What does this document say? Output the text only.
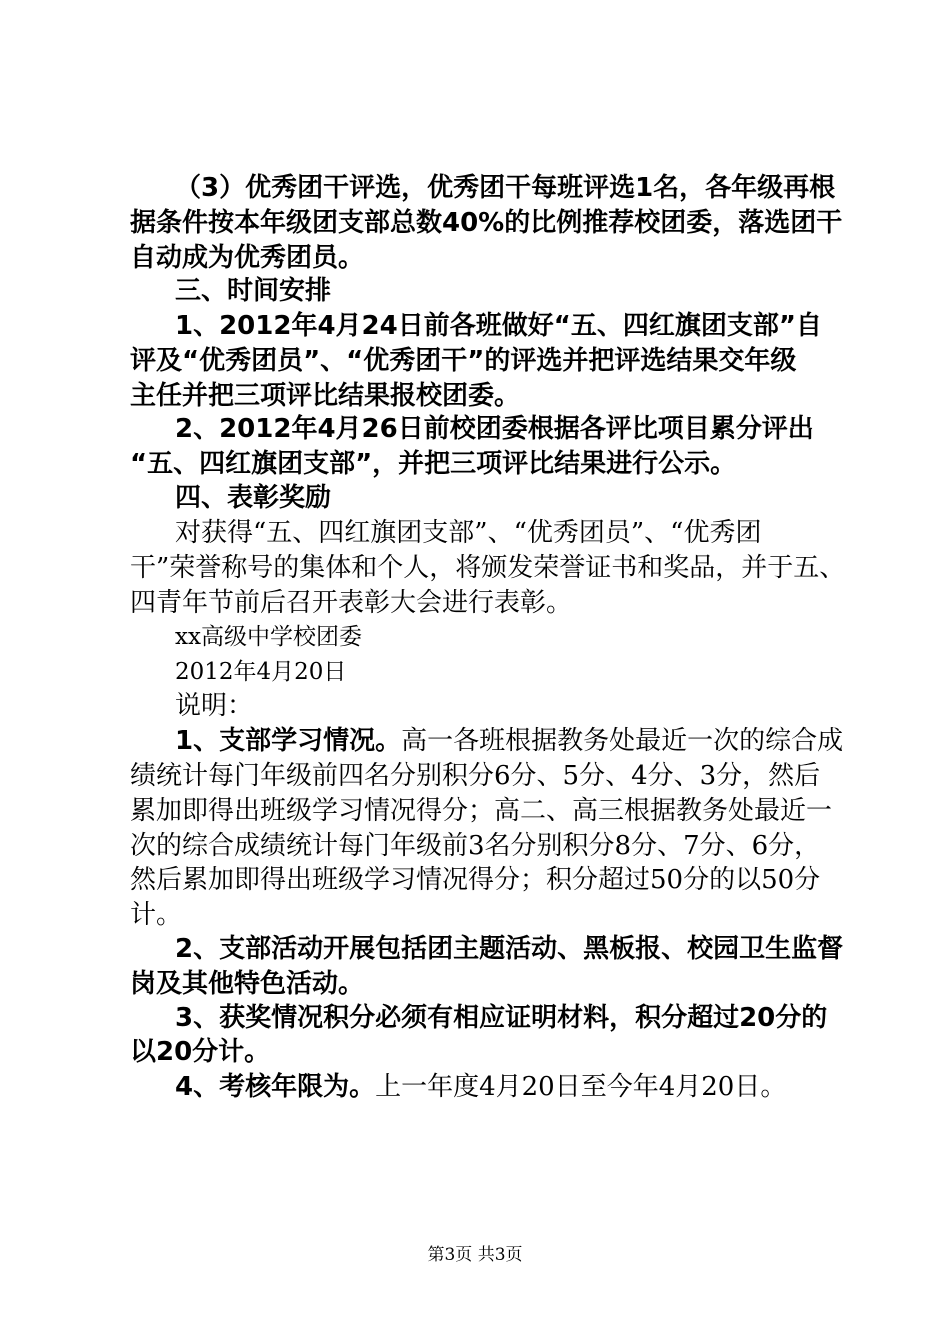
（3）优秀团干评选，优秀团干每班评选1名，各年级再根
据条件按本年级团支部总数40%的比例推荐校团委，落选团干
自动成为优秀团员。
三、时间安排
1、2012年4月24日前各班做好“五、四红旗团支部”自
评及“优秀团员”、“优秀团干”的评选并把评选结果交年级
主任并把三项评比结果报校团委。
2、2012年4月26日前校团委根据各评比项目累分评出
“五、四红旗团支部”，并把三项评比结果进行公示。
四、表彰奖励
对获得“五、四红旗团支部”、“优秀团员”、“优秀团
干”荣誉称号的集体和个人，将颁发荣誉证书和奖品，并于五、
四青年节前后召开表彰大会进行表彰。
xx高级中学校团委
2012年4月20日
说明：
1、支部学习情况。高一各班根据教务处最近一次的综合成
绩统计每门年级前四名分别积分6分、5分、4分、3分，然后
累加即得出班级学习情况得分；高二、高三根据教务处最近一
次的综合成绩统计每门年级前3名分别积分8分、7分、6分，
然后累加即得出班级学习情况得分；积分超过50分的以50分
计。
2、支部活动开展包括团主题活动、黑板报、校园卫生监督
岗及其他特色活动。
3、获奖情况积分必须有相应证明材料，积分超过20分的
以20分计。
4、考核年限为。上一年度4月20日至今年4月20日。
第3页 共3页
